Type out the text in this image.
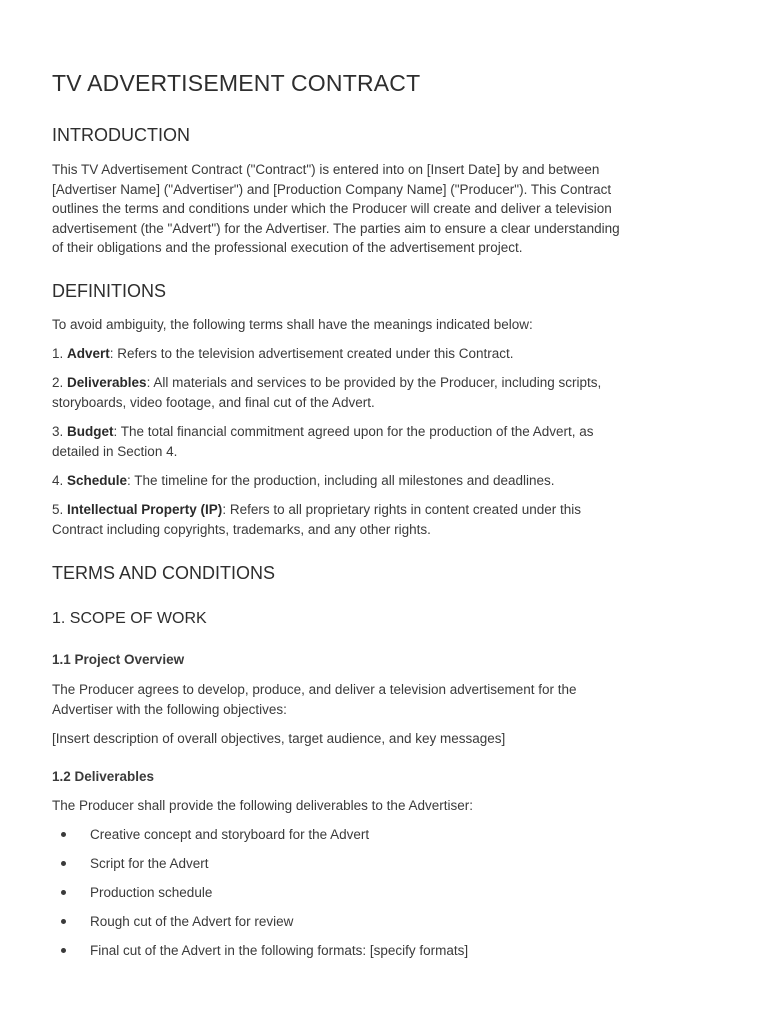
TV ADVERTISEMENT CONTRACT
INTRODUCTION

This TV Advertisement Contract ("Contract") is entered into on [Insert Date] by and between
[Advertiser Name] ("Advertiser") and [Production Company Name] ("Producer"). This Contract
outlines the terms and conditions under which the Producer will create and deliver a television
advertisement (the "Advert") for the Advertiser. The parties aim to ensure a clear understanding
of their obligations and the professional execution of the advertisement project.

DEFINITIONS

To avoid ambiguity, the following terms shall have the meanings indicated below:

1. Advert: Refers to the television advertisement created under this Contract.

2. Deliverables: All materials and services to be provided by the Producer, including scripts,
storyboards, video footage, and final cut of the Advert.

3. Budget: The total financial commitment agreed upon for the production of the Advert, as
detailed in Section 4.

4. Schedule: The timeline for the production, including all milestones and deadlines.

5. Intellectual Property (IP): Refers to all proprietary rights in content created under this
Contract including copyrights, trademarks, and any other rights.

TERMS AND CONDITIONS
1. SCOPE OF WORK
1.1 Project Overview

The Producer agrees to develop, produce, and deliver a television advertisement for the
Advertiser with the following objectives:

[Insert description of overall objectives, target audience, and key messages]

1.2 Deliverables

The Producer shall provide the following deliverables to the Advertiser:

Creative concept and storyboard for the Advert
Script for the Advert
Production schedule
Rough cut of the Advert for review
Final cut of the Advert in the following formats: [specify formats]
